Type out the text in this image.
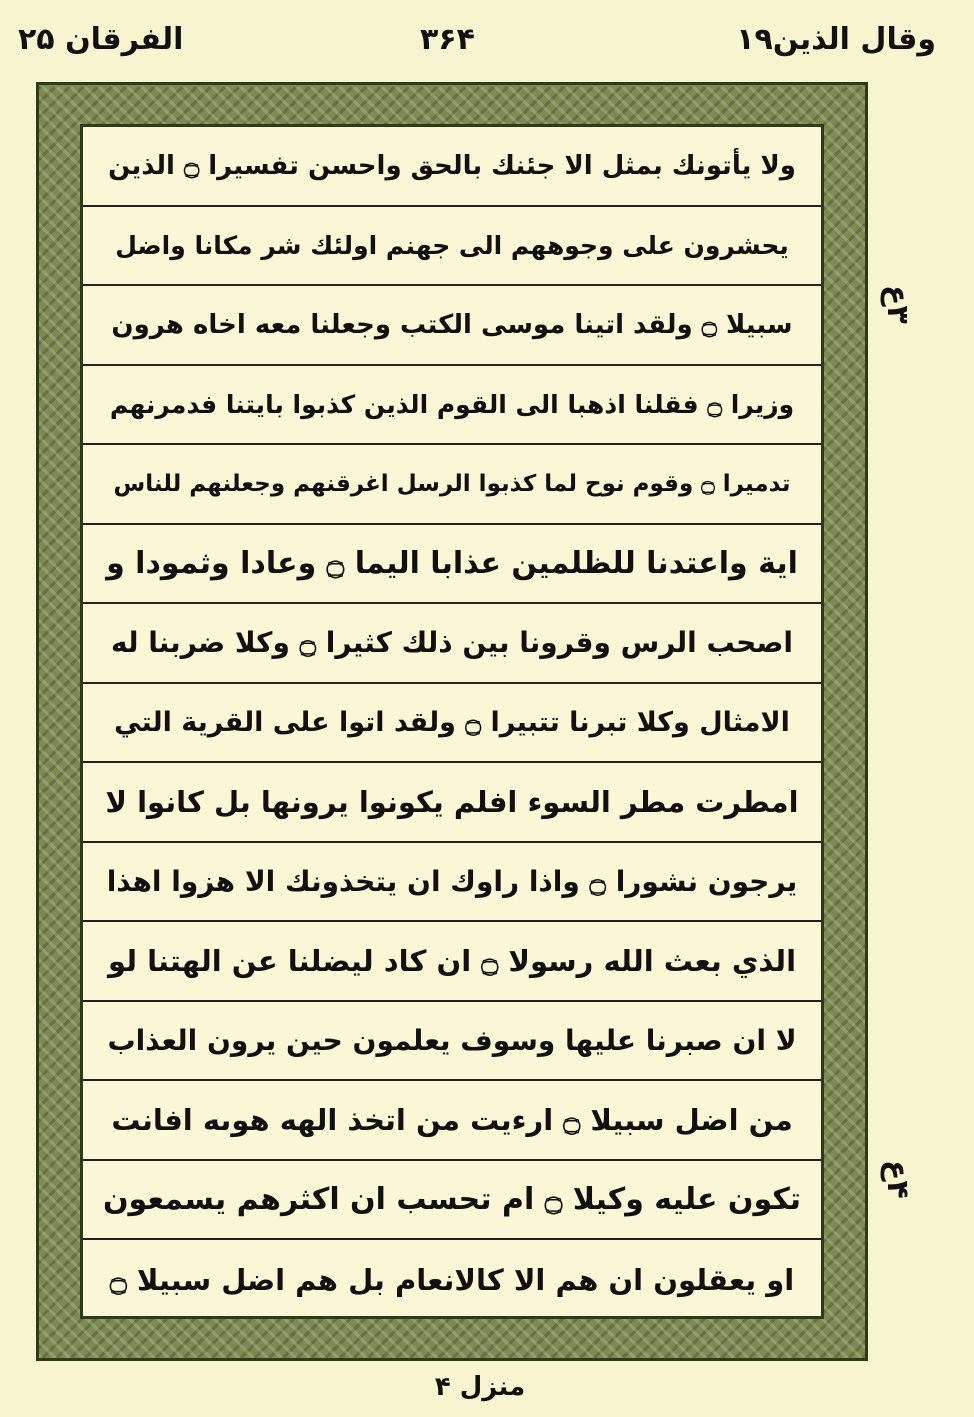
الفرقان ۲۵	۳۶۴	وقال الذين۱۹
ولا يأتونك بمثل الا جئنك بالحق واحسن تفسيرا ۝ الذين
يحشرون على وجوههم الى جهنم اولئك شر مكانا واضل
سبيلا ۝ ولقد اتينا موسى الكتب وجعلنا معه اخاه هرون
وزيرا ۝ فقلنا اذهبا الى القوم الذين كذبوا بايتنا فدمرنهم
تدميرا ۝ وقوم نوح لما كذبوا الرسل اغرقنهم وجعلنهم للناس
اية واعتدنا للظلمين عذابا اليما ۝ وعادا وثمودا و
اصحب الرس وقرونا بين ذلك كثيرا ۝ وكلا ضربنا له
الامثال وكلا تبرنا تتبيرا ۝ ولقد اتوا على القرية التي
امطرت مطر السوء افلم يكونوا يرونها بل كانوا لا
يرجون نشورا ۝ واذا راوك ان يتخذونك الا هزوا اهذا
الذي بعث الله رسولا ۝ ان كاد ليضلنا عن الهتنا لو
لا ان صبرنا عليها وسوف يعلمون حين يرون العذاب
من اضل سبيلا ۝ ارءيت من اتخذ الهه هوىه افانت
تكون عليه وكيلا ۝ ام تحسب ان اكثرهم يسمعون
او يعقلون ان هم الا كالانعام بل هم اضل سبيلا ۝
۳ع
۴ع
منزل ۴
